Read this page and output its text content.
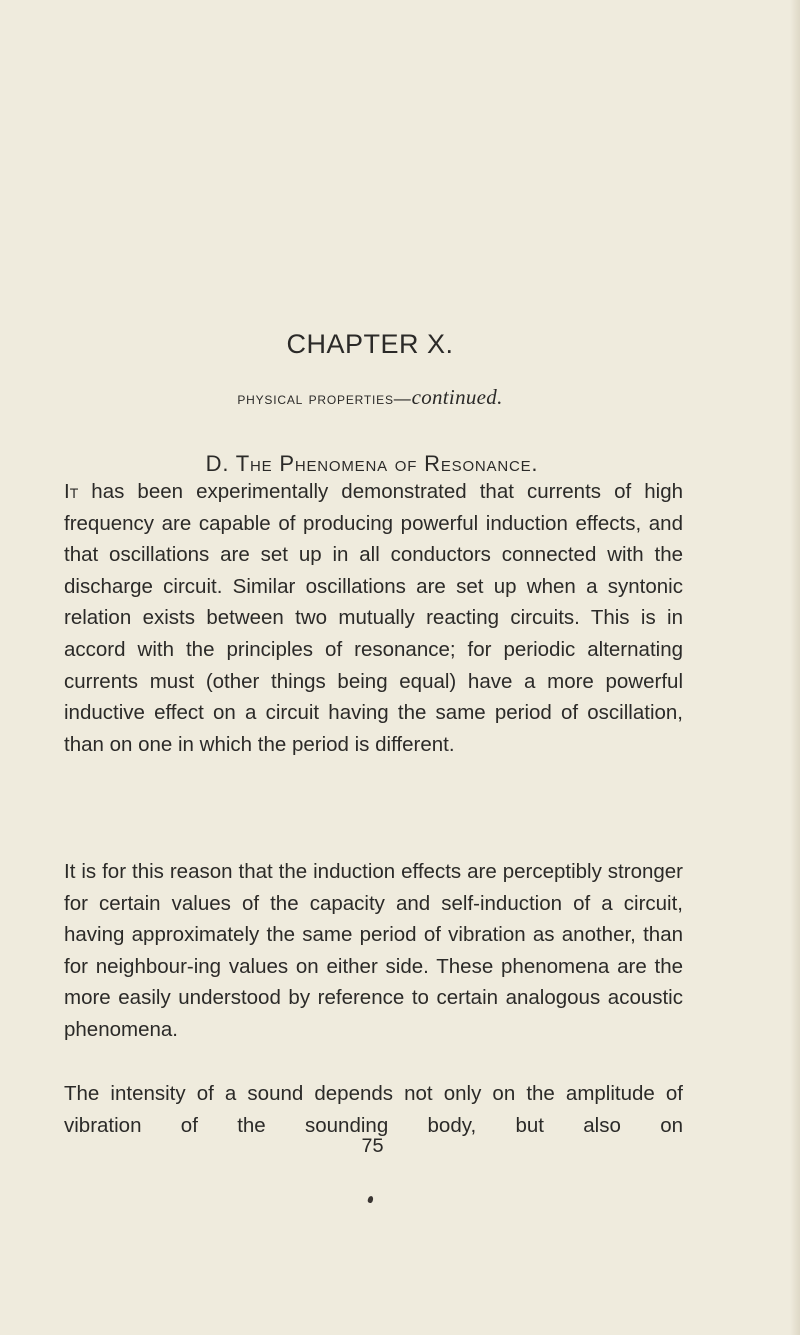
CHAPTER X.
physical properties—continued.
D. The Phenomena of Resonance.

It has been experimentally demonstrated that currents of high frequency are capable of producing powerful induction effects, and that oscillations are set up in all conductors connected with the discharge circuit. Similar oscillations are set up when a syntonic relation exists between two mutually reacting circuits. This is in accord with the principles of resonance; for periodic alternating currents must (other things being equal) have a more powerful inductive effect on a circuit having the same period of oscillation, than on one in which the period is different.

It is for this reason that the induction effects are perceptibly stronger for certain values of the capacity and self-induction of a circuit, having approximately the same period of vibration as another, than for neighbour-ing values on either side. These phenomena are the more easily understood by reference to certain analogous acoustic phenomena.

The intensity of a sound depends not only on the amplitude of vibration of the sounding body, but also on

75
